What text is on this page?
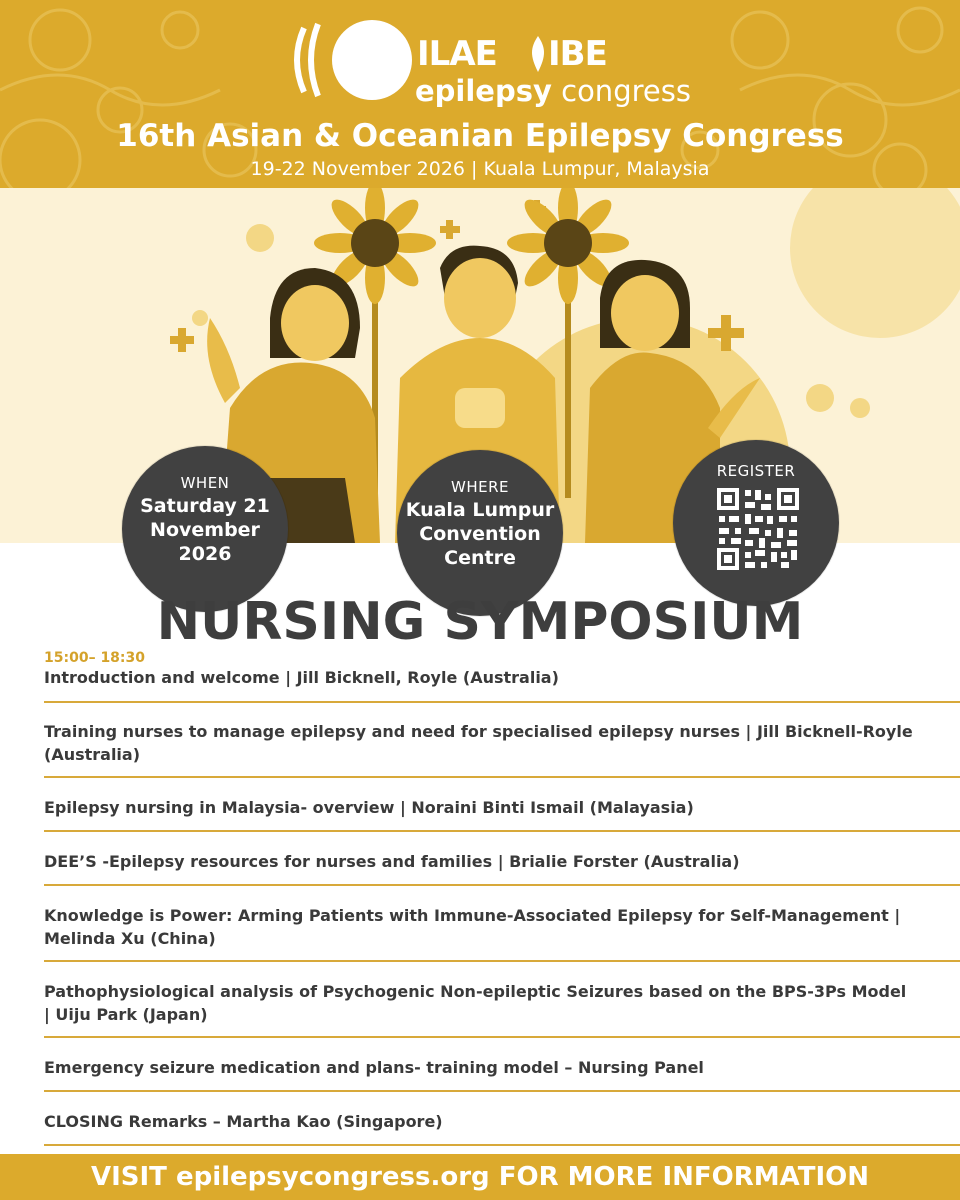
ILAE IBE
epilepsy congress
16th Asian & Oceanian Epilepsy Congress
19-22 November 2026 | Kuala Lumpur, Malaysia
WHEN
Saturday 21 November 2026
WHERE
Kuala Lumpur Convention Centre
REGISTER
NURSING SYMPOSIUM
15:00– 18:30
Introduction and welcome | Jill Bicknell, Royle (Australia)
Training nurses to manage epilepsy and need for specialised epilepsy nurses | Jill Bicknell-Royle (Australia)
Epilepsy nursing in Malaysia- overview | Noraini Binti Ismail (Malayasia)
DEE’S -Epilepsy resources for nurses and families | Brialie Forster (Australia)
Knowledge is Power: Arming Patients with Immune-Associated Epilepsy for Self-Management | Melinda Xu (China)
Pathophysiological analysis of Psychogenic Non-epileptic Seizures based on the BPS-3Ps Model | Uiju Park (Japan)
Emergency seizure medication and plans- training model – Nursing Panel
CLOSING Remarks – Martha Kao (Singapore)
VISIT epilepsycongress.org FOR MORE INFORMATION
